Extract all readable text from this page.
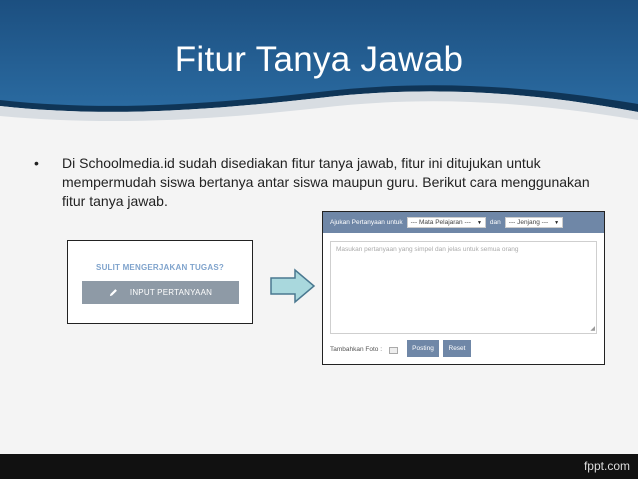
Fitur Tanya Jawab
•	Di Schoolmedia.id sudah disediakan fitur tanya jawab, fitur ini ditujukan untuk mempermudah siswa bertanya antar siswa maupun guru. Berikut cara menggunakan fitur tanya jawab.
SULIT MENGERJAKAN TUGAS?
INPUT PERTANYAAN
Ajukan Pertanyaan untuk --- Mata Pelajaran --- ▼ dan --- Jenjang --- ▼
Masukan pertanyaan yang simpel dan jelas untuk semua orang
◢
Tambahkan Foto :	Posting	Reset
fppt.com
